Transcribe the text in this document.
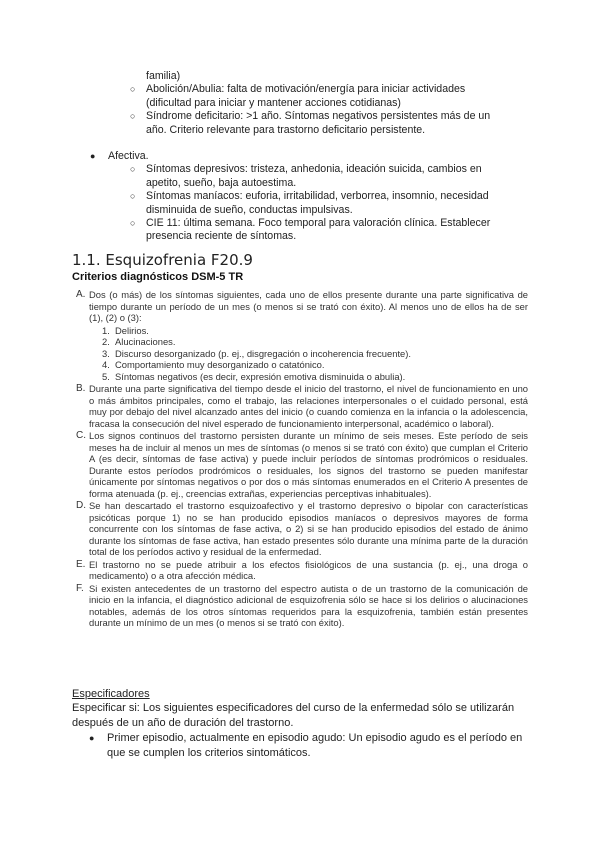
familia)
○ Abolición/Abulia: falta de motivación/energía para iniciar actividades (dificultad para iniciar y mantener acciones cotidianas)
○ Síndrome deficitario: >1 año. Síntomas negativos persistentes más de un año. Criterio relevante para trastorno deficitario persistente.
● Afectiva.
○ Síntomas depresivos: tristeza, anhedonia, ideación suicida, cambios en apetito, sueño, baja autoestima.
○ Síntomas maníacos: euforia, irritabilidad, verborrea, insomnio, necesidad disminuida de sueño, conductas impulsivas.
○ CIE 11: última semana. Foco temporal para valoración clínica. Establecer presencia reciente de síntomas.
1.1. Esquizofrenia F20.9
Criterios diagnósticos DSM-5 TR
A. Dos (o más) de los síntomas siguientes, cada uno de ellos presente durante una parte significativa de tiempo durante un período de un mes (o menos si se trató con éxito). Al menos uno de ellos ha de ser (1), (2) o (3):
1. Delirios.
2. Alucinaciones.
3. Discurso desorganizado (p. ej., disgregación o incoherencia frecuente).
4. Comportamiento muy desorganizado o catatónico.
5. Síntomas negativos (es decir, expresión emotiva disminuida o abulia).
B. Durante una parte significativa del tiempo desde el inicio del trastorno, el nivel de funcionamiento en uno o más ámbitos principales, como el trabajo, las relaciones interpersonales o el cuidado personal, está muy por debajo del nivel alcanzado antes del inicio (o cuando comienza en la infancia o la adolescencia, fracasa la consecución del nivel esperado de funcionamiento interpersonal, académico o laboral).
C. Los signos continuos del trastorno persisten durante un mínimo de seis meses. Este período de seis meses ha de incluir al menos un mes de síntomas (o menos si se trató con éxito) que cumplan el Criterio A (es decir, síntomas de fase activa) y puede incluir períodos de síntomas prodrómicos o residuales. Durante estos períodos prodrómicos o residuales, los signos del trastorno se pueden manifestar únicamente por síntomas negativos o por dos o más síntomas enumerados en el Criterio A presentes de forma atenuada (p. ej., creencias extrañas, experiencias perceptivas inhabituales).
D. Se han descartado el trastorno esquizoafectivo y el trastorno depresivo o bipolar con características psicóticas porque 1) no se han producido episodios maníacos o depresivos mayores de forma concurrente con los síntomas de fase activa, o 2) si se han producido episodios del estado de ánimo durante los síntomas de fase activa, han estado presentes sólo durante una mínima parte de la duración total de los períodos activo y residual de la enfermedad.
E. El trastorno no se puede atribuir a los efectos fisiológicos de una sustancia (p. ej., una droga o medicamento) o a otra afección médica.
F. Si existen antecedentes de un trastorno del espectro autista o de un trastorno de la comunicación de inicio en la infancia, el diagnóstico adicional de esquizofrenia sólo se hace si los delirios o alucinaciones notables, además de los otros síntomas requeridos para la esquizofrenia, también están presentes durante un mínimo de un mes (o menos si se trató con éxito).

Especificadores

Especificar si: Los siguientes especificadores del curso de la enfermedad sólo se utilizarán después de un año de duración del trastorno.

●	Primer episodio, actualmente en episodio agudo: Un episodio agudo es el período en que se cumplen los criterios sintomáticos.
